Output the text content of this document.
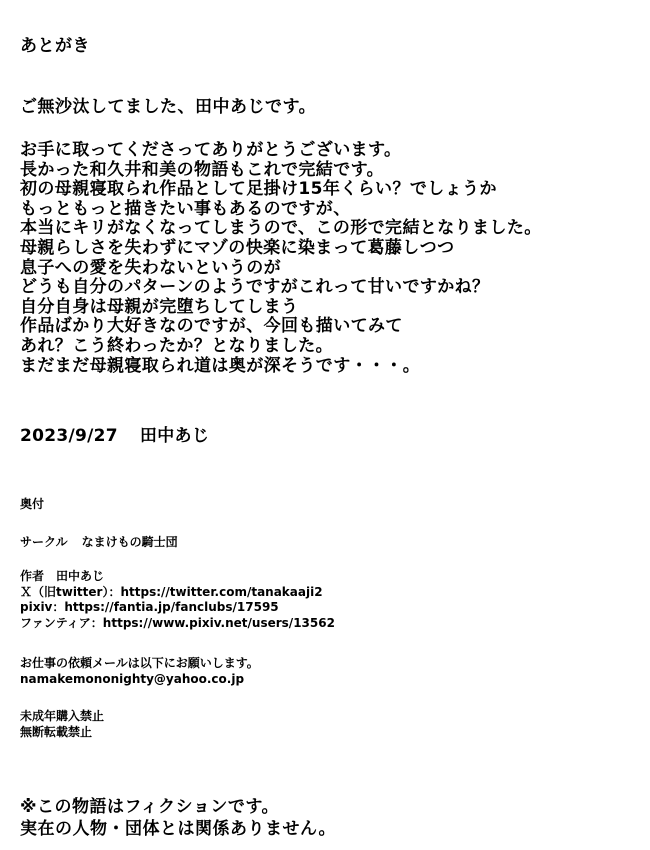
あとがき
ご無沙汰してました、田中あじです。
お手に取ってくださってありがとうございます。
長かった和久井和美の物語もこれで完結です。
初の母親寝取られ作品として足掛け15年くらい？でしょうか
もっともっと描きたい事もあるのですが、
本当にキリがなくなってしまうので、この形で完結となりました。
母親らしさを失わずにマゾの快楽に染まって葛藤しつつ
息子への愛を失わないというのが
どうも自分のパターンのようですがこれって甘いですかね？
自分自身は母親が完堕ちしてしまう
作品ばかり大好きなのですが、今回も描いてみて
あれ？こう終わったか？となりました。
まだまだ母親寝取られ道は奥が深そうです・・・。
2023/9/27 田中あじ
奥付
サークル なまけもの騎士団
作者 田中あじ
Ｘ（旧twitter）：https://twitter.com/tanakaaji2
pixiv：https://fantia.jp/fanclubs/17595
ファンティア：https://www.pixiv.net/users/13562
お仕事の依頼メールは以下にお願いします。
namakemononighty@yahoo.co.jp
未成年購入禁止
無断転載禁止
※この物語はフィクションです。
実在の人物・団体とは関係ありません。
